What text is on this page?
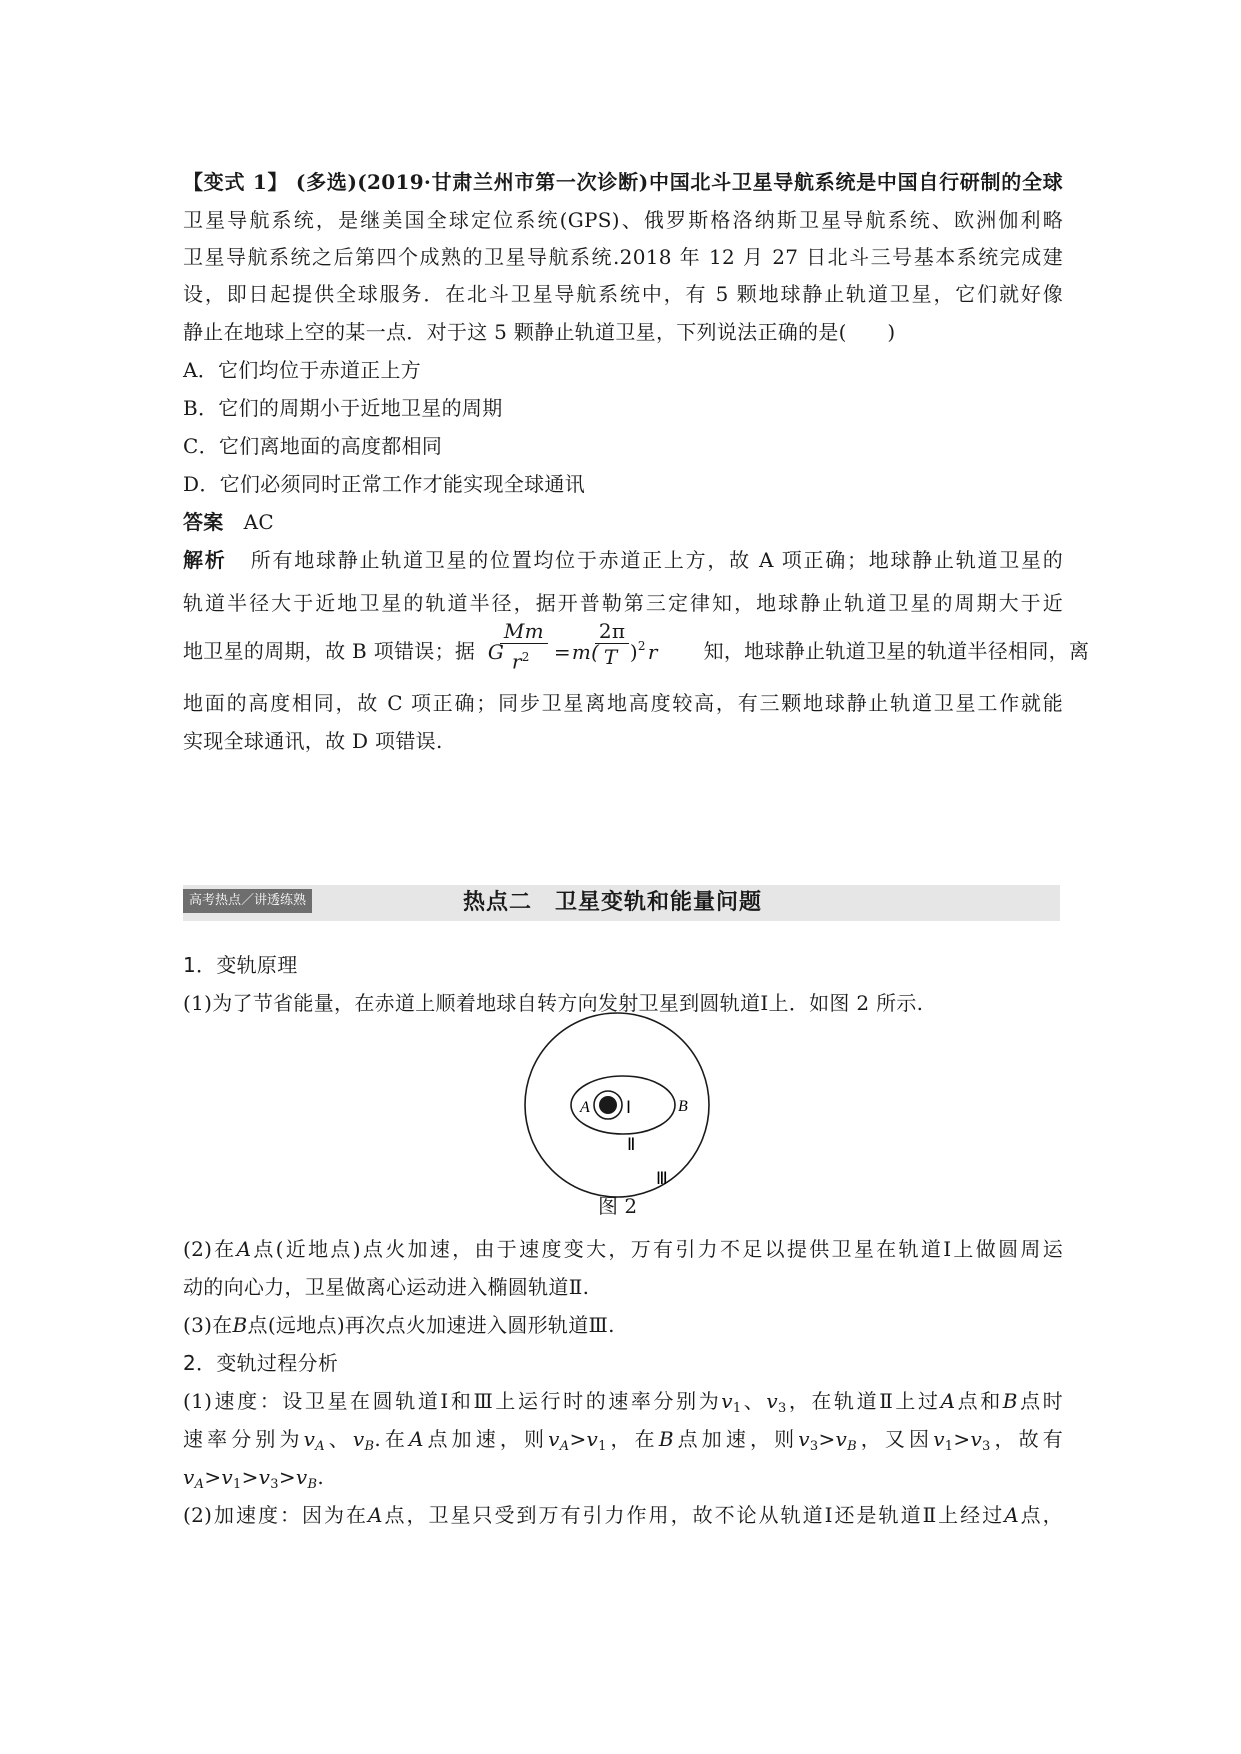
【变式 1】 (多选)(2019·甘肃兰州市第一次诊断)中国北斗卫星导航系统是中国自行研制的全球
卫星导航系统，是继美国全球定位系统(GPS)、俄罗斯格洛纳斯卫星导航系统、欧洲伽利略
卫星导航系统之后第四个成熟的卫星导航系统.2018 年 12 月 27 日北斗三号基本系统完成建
设，即日起提供全球服务．在北斗卫星导航系统中，有 5 颗地球静止轨道卫星，它们就好像
静止在地球上空的某一点．对于这 5 颗静止轨道卫星，下列说法正确的是(　　)
A．它们均位于赤道正上方
B．它们的周期小于近地卫星的周期
C．它们离地面的高度都相同
D．它们必须同时正常工作才能实现全球通讯
答案 AC
解析 所有地球静止轨道卫星的位置均位于赤道正上方，故 A 项正确；地球静止轨道卫星的
轨道半径大于近地卫星的轨道半径，据开普勒第三定律知，地球静止轨道卫星的周期大于近
地卫星的周期，故 B 项错误；据 G
Mm
$r^2 = m$(
2π
T ) 2 r 知，地球静止轨道卫星的轨道半径相同，离
地面的高度相同，故 C 项正确；同步卫星离地高度较高，有三颗地球静止轨道卫星工作就能
实现全球通讯，故 D 项错误.
高考热点／讲透练熟	热点二　卫星变轨和能量问题
1．变轨原理
(1)为了节省能量，在赤道上顺着地球自转方向发射卫星到圆轨道Ⅰ上．如图 2 所示.
A Ⅰ	B
Ⅱ
Ⅲ
图 2
(2)在A点(近地点)点火加速，由于速度变大，万有引力不足以提供卫星在轨道Ⅰ上做圆周运
动的向心力，卫星做离心运动进入椭圆轨道Ⅱ.
(3)在B点(远地点)再次点火加速进入圆形轨道Ⅲ.
2．变轨过程分析
(1)速度：设卫星在圆轨道Ⅰ和Ⅲ上运行时的速率分别为$v_1$、$v_3$，在轨道Ⅱ上过A点和B点时
速率分别为$v_A$、$v_B$.在A点加速，则$v_A>v_1$，在B点加速，则$v_3>v_B$，又因$v_1>v_3$，故有
$v_A>v_1>v_3>v_B$.
(2)加速度：因为在A点，卫星只受到万有引力作用，故不论从轨道Ⅰ还是轨道Ⅱ上经过A点，
